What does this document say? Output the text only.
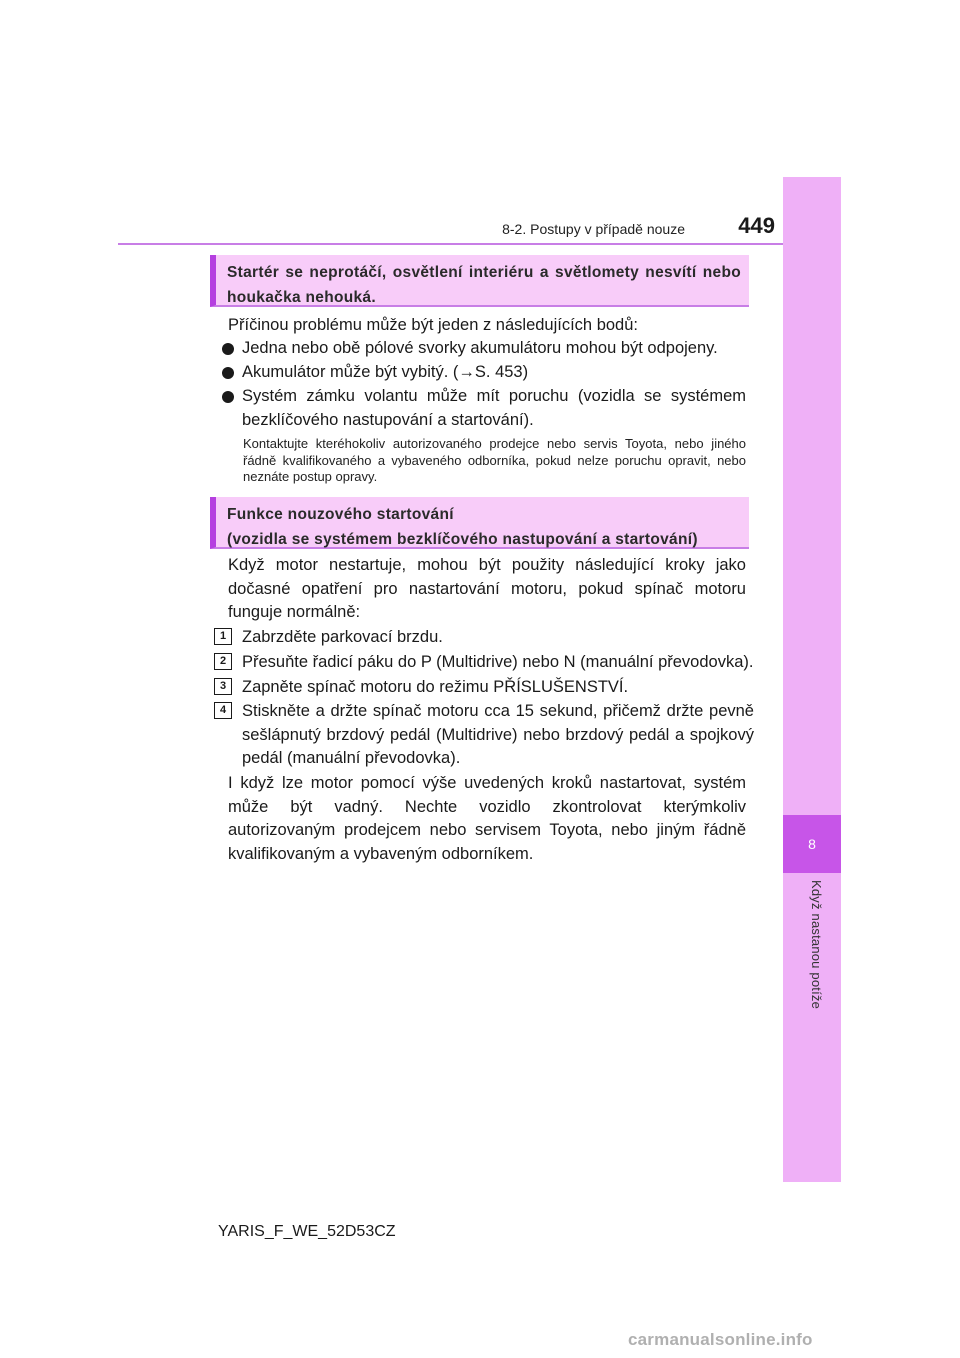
8
Když nastanou potíže
8-2. Postupy v případě nouze	449
Startér se neprotáčí, osvětlení interiéru a světlomety nesvítí nebo houkačka nehouká.
Příčinou problému může být jeden z následujících bodů:
Jedna nebo obě pólové svorky akumulátoru mohou být odpojeny.
Akumulátor může být vybitý. (→S. 453)
Systém zámku volantu může mít poruchu (vozidla se systémem bezklíčového nastupování a startování).
Kontaktujte kteréhokoliv autorizovaného prodejce nebo servis Toyota, nebo jiného řádně kvalifikovaného a vybaveného odborníka, pokud nelze poruchu opravit, nebo neznáte postup opravy.
Funkce nouzového startování
(vozidla se systémem bezklíčového nastupování a startování)
Když motor nestartuje, mohou být použity následující kroky jako dočasné opatření pro nastartování motoru, pokud spínač motoru funguje normálně:
1 Zabrzděte parkovací brzdu.
2 Přesuňte řadicí páku do P (Multidrive) nebo N (manuální převodovka).
3 Zapněte spínač motoru do režimu PŘÍSLUŠENSTVÍ.
4 Stiskněte a držte spínač motoru cca 15 sekund, přičemž držte pevně sešlápnutý brzdový pedál (Multidrive) nebo brzdový pedál a spojkový pedál (manuální převodovka).
I když lze motor pomocí výše uvedených kroků nastartovat, systém může být vadný. Nechte vozidlo zkontrolovat kterýmkoliv autorizovaným prodejcem nebo servisem Toyota, nebo jiným řádně kvalifikovaným a vybaveným odborníkem.
YARIS_F_WE_52D53CZ
carmanualsonline.info
